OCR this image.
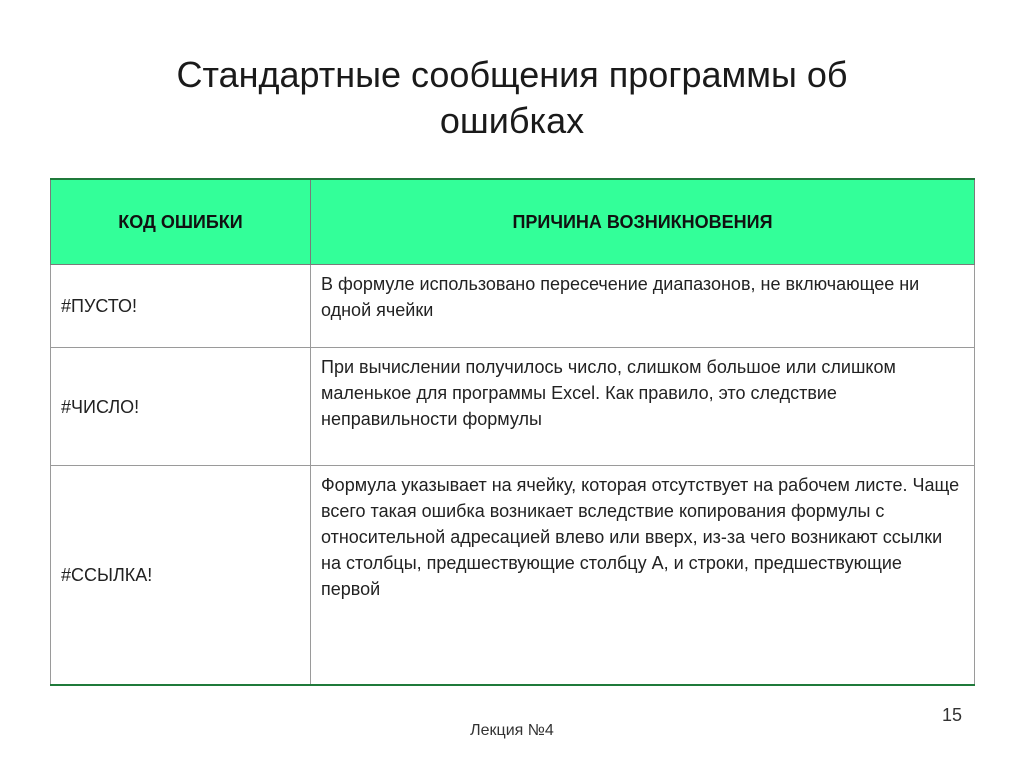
Стандартные сообщения программы об
ошибках
КОД ОШИБКИ	ПРИЧИНА ВОЗНИКНОВЕНИЯ
#ПУСТО!	В формуле использовано пересечение диапазонов, не включающее ни одной ячейки
#ЧИСЛО!	При вычислении получилось число, слишком большое или слишком маленькое для программы Excel. Как правило, это следствие неправильности формулы
#ССЫЛКА!	Формула указывает на ячейку, которая отсутствует на рабочем листе. Чаще всего такая ошибка возникает вследствие копирования формулы с относительной адресацией влево или вверх, из-за чего возникают ссылки на столбцы, предшествующие столбцу А, и строки, предшествующие первой
Лекция №4
15
